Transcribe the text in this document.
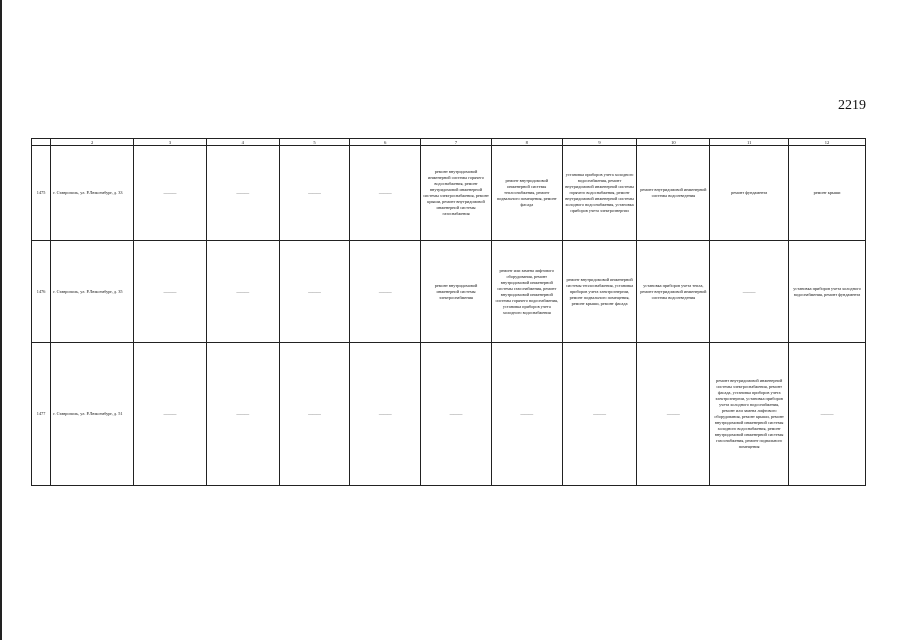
2219
	2	3	4	5	6	7	8	9	10	11	12
1475	г. Ставрополь, ул. Р.Люксембург, д. 33	———	———	———	———	ремонт внутридомовой инженерной системы горячего водоснабжения, ремонт внутридомовой инженерной системы электроснабжения, ремонт крыши, ремонт внутридомовой инженерной системы газоснабжения	ремонт внутридомовой инженерной системы теплоснабжения, ремонт подвального помещения, ремонт фасада	установка приборов учета холодного водоснабжения, ремонт внутридомовой инженерной системы горячего водоснабжения, ремонт внутридомовой инженерной системы холодного водоснабжения, установка приборов учета электроэнергии	ремонт внутридомовой инженерной системы водоотведения	ремонт фундамента	ремонт крыши
1476	г. Ставрополь, ул. Р.Люксембург, д. 35	———	———	———	———	ремонт внутридомовой инженерной системы электроснабжения	ремонт или замена лифтового оборудования, ремонт внутридомовой инженерной системы газоснабжения, ремонт внутридомовой инженерной системы горячего водоснабжения, установка приборов учета холодного водоснабжения	ремонт внутридомовой инженерной системы теплоснабжения, установка приборов учета электроэнергии, ремонт подвального помещения, ремонт крыши, ремонт фасада	установка приборов учета тепла, ремонт внутридомовой инженерной системы водоотведения	———	установка приборов учета холодного водоснабжения, ремонт фундамента
1477	г. Ставрополь, ул. Р.Люксембург, д. 51	———	———	———	———	———	———	———	———	ремонт внутридомовой инженерной системы электроснабжения, ремонт фасада, установка приборов учета электроэнергии, установка приборов учета холодного водоснабжения, ремонт или замена лифтового оборудования, ремонт крыши, ремонт внутридомовой инженерной системы холодного водоснабжения, ремонт внутридомовой инженерной системы газоснабжения, ремонт подвального помещения	———
